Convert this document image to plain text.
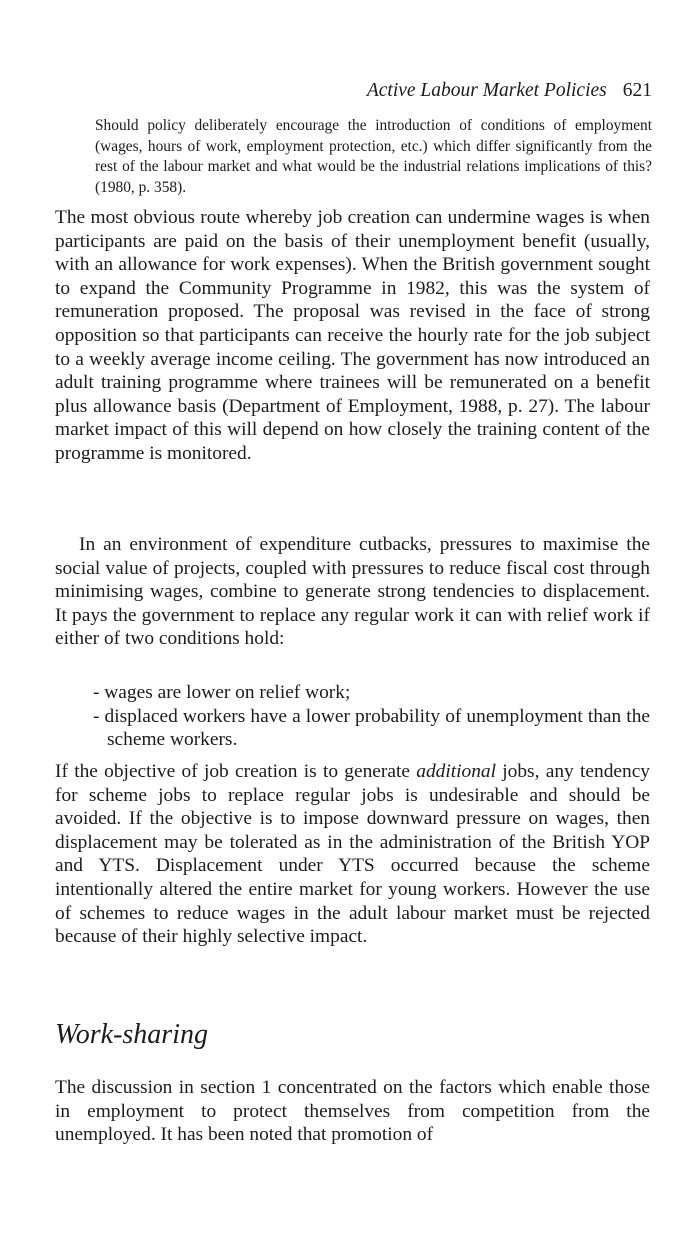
Active Labour Market Policies 621
Should policy deliberately encourage the introduction of conditions of employment (wages, hours of work, employment protection, etc.) which differ significantly from the rest of the labour market and what would be the industrial relations implications of this? (1980, p. 358).

The most obvious route whereby job creation can undermine wages is when participants are paid on the basis of their unemployment benefit (usually, with an allowance for work expenses). When the British government sought to expand the Community Programme in 1982, this was the system of remuneration proposed. The proposal was revised in the face of strong opposition so that participants can receive the hourly rate for the job subject to a weekly average income ceiling. The government has now introduced an adult training programme where trainees will be remunerated on a benefit plus allowance basis (Department of Employment, 1988, p. 27). The labour market impact of this will depend on how closely the training content of the programme is monitored.

In an environment of expenditure cutbacks, pressures to maximise the social value of projects, coupled with pressures to reduce fiscal cost through minimising wages, combine to generate strong tendencies to displacement. It pays the government to replace any regular work it can with relief work if either of two conditions hold:

- wages are lower on relief work;

- displaced workers have a lower probability of unemployment than the scheme workers.

If the objective of job creation is to generate additional jobs, any tendency for scheme jobs to replace regular jobs is undesirable and should be avoided. If the objective is to impose downward pressure on wages, then displacement may be tolerated as in the administration of the British YOP and YTS. Displacement under YTS occurred because the scheme intentionally altered the entire market for young workers. However the use of schemes to reduce wages in the adult labour market must be rejected because of their highly selective impact.

Work-sharing

The discussion in section 1 concentrated on the factors which enable those in employment to protect themselves from competition from the unemployed. It has been noted that promotion of
